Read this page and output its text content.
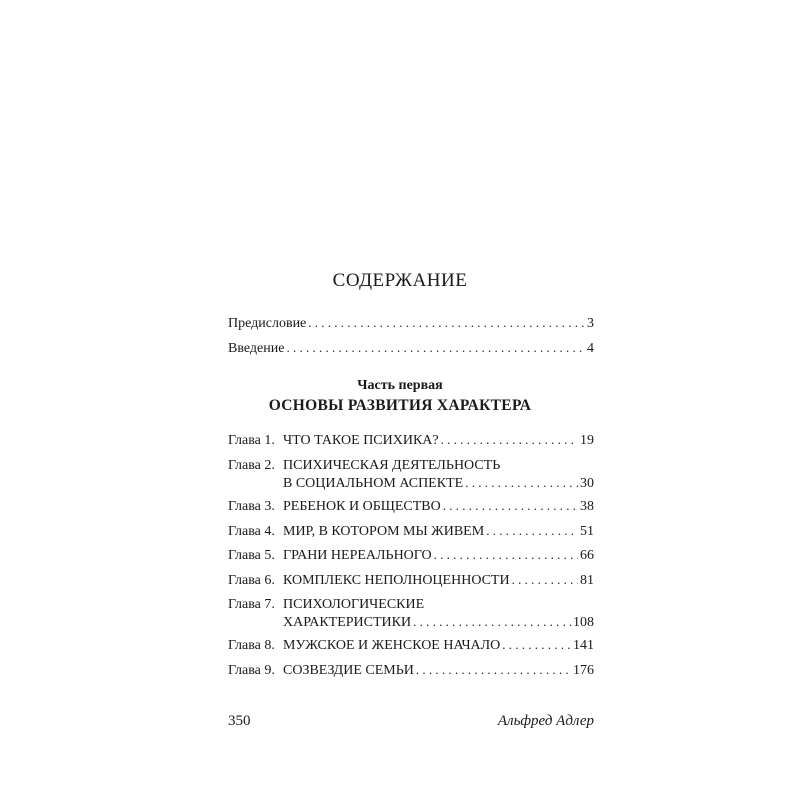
СОДЕРЖАНИЕ
Предисловие . . .	3
Введение . . .	4
Часть первая
ОСНОВЫ РАЗВИТИЯ ХАРАКТЕРА
Глава 1. ЧТО ТАКОЕ ПСИХИКА? . . .	19
Глава 2. ПСИХИЧЕСКАЯ ДЕЯТЕЛЬНОСТЬ
В СОЦИАЛЬНОМ АСПЕКТЕ . . .	30
Глава 3. РЕБЕНОК И ОБЩЕСТВО . . .	38
Глава 4. МИР, В КОТОРОМ МЫ ЖИВЕМ . . .	51
Глава 5. ГРАНИ НЕРЕАЛЬНОГО . . .	66
Глава 6. КОМПЛЕКС НЕПОЛНОЦЕННОСТИ . . .	81
Глава 7. ПСИХОЛОГИЧЕСКИЕ
ХАРАКТЕРИСТИКИ . . .	108
Глава 8. МУЖСКОЕ И ЖЕНСКОЕ НАЧАЛО . . .	141
Глава 9. СОЗВЕЗДИЕ СЕМЬИ . . .	176
350	Альфред Адлер
